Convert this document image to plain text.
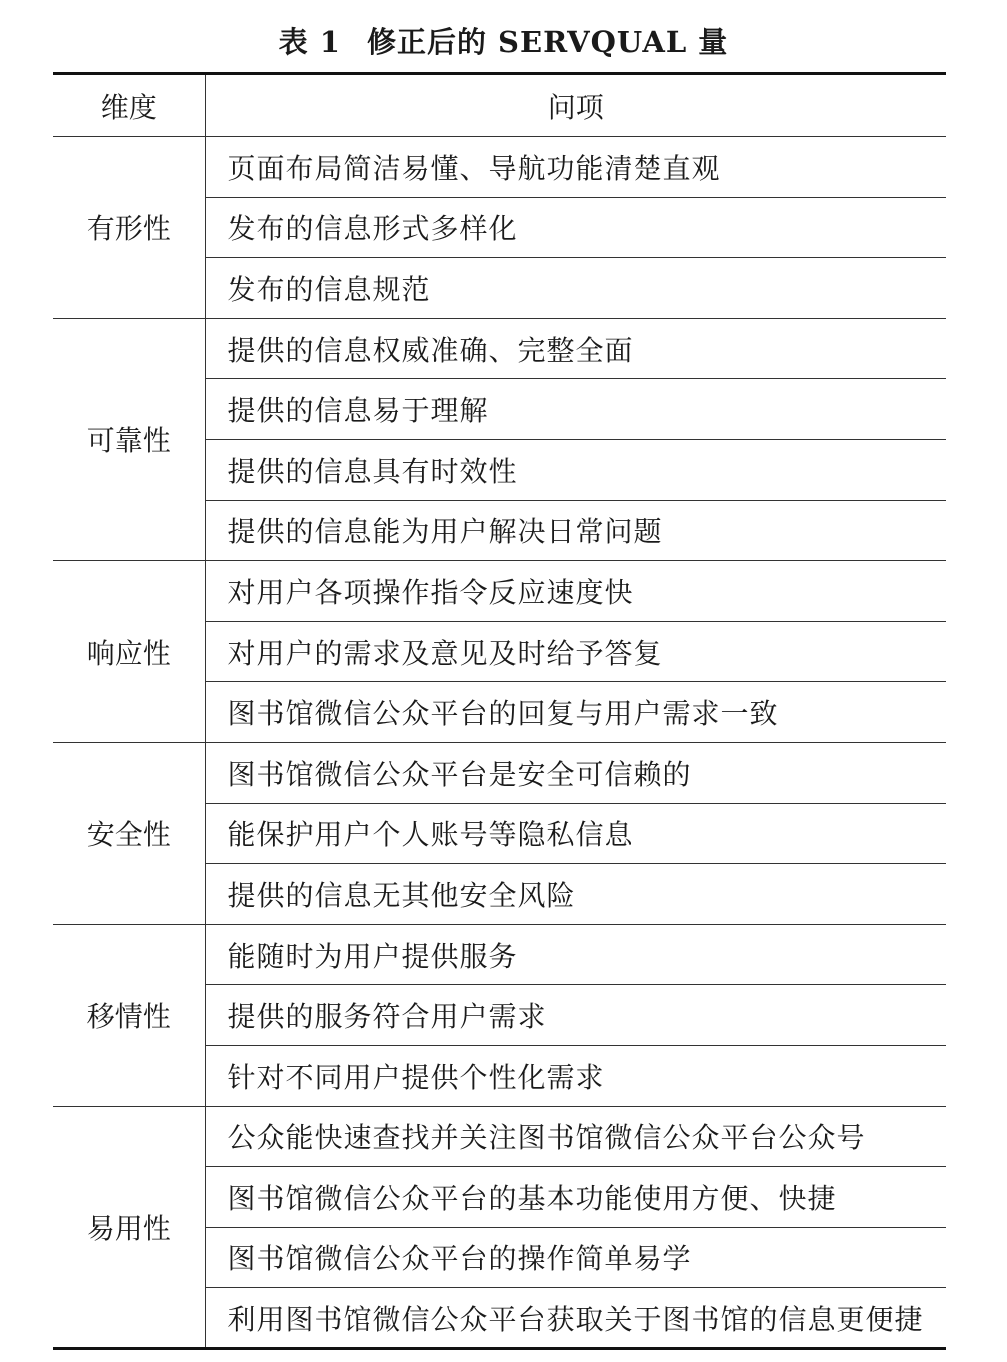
表 1 修正后的 SERVQUAL 量
维度	问项
有形性	页面布局简洁易懂、导航功能清楚直观
	发布的信息形式多样化
	发布的信息规范
可靠性	提供的信息权威准确、完整全面
	提供的信息易于理解
	提供的信息具有时效性
	提供的信息能为用户解决日常问题
响应性	对用户各项操作指令反应速度快
	对用户的需求及意见及时给予答复
	图书馆微信公众平台的回复与用户需求一致
安全性	图书馆微信公众平台是安全可信赖的
	能保护用户个人账号等隐私信息
	提供的信息无其他安全风险
移情性	能随时为用户提供服务
	提供的服务符合用户需求
	针对不同用户提供个性化需求
易用性	公众能快速查找并关注图书馆微信公众平台公众号
	图书馆微信公众平台的基本功能使用方便、快捷
	图书馆微信公众平台的操作简单易学
	利用图书馆微信公众平台获取关于图书馆的信息更便捷
